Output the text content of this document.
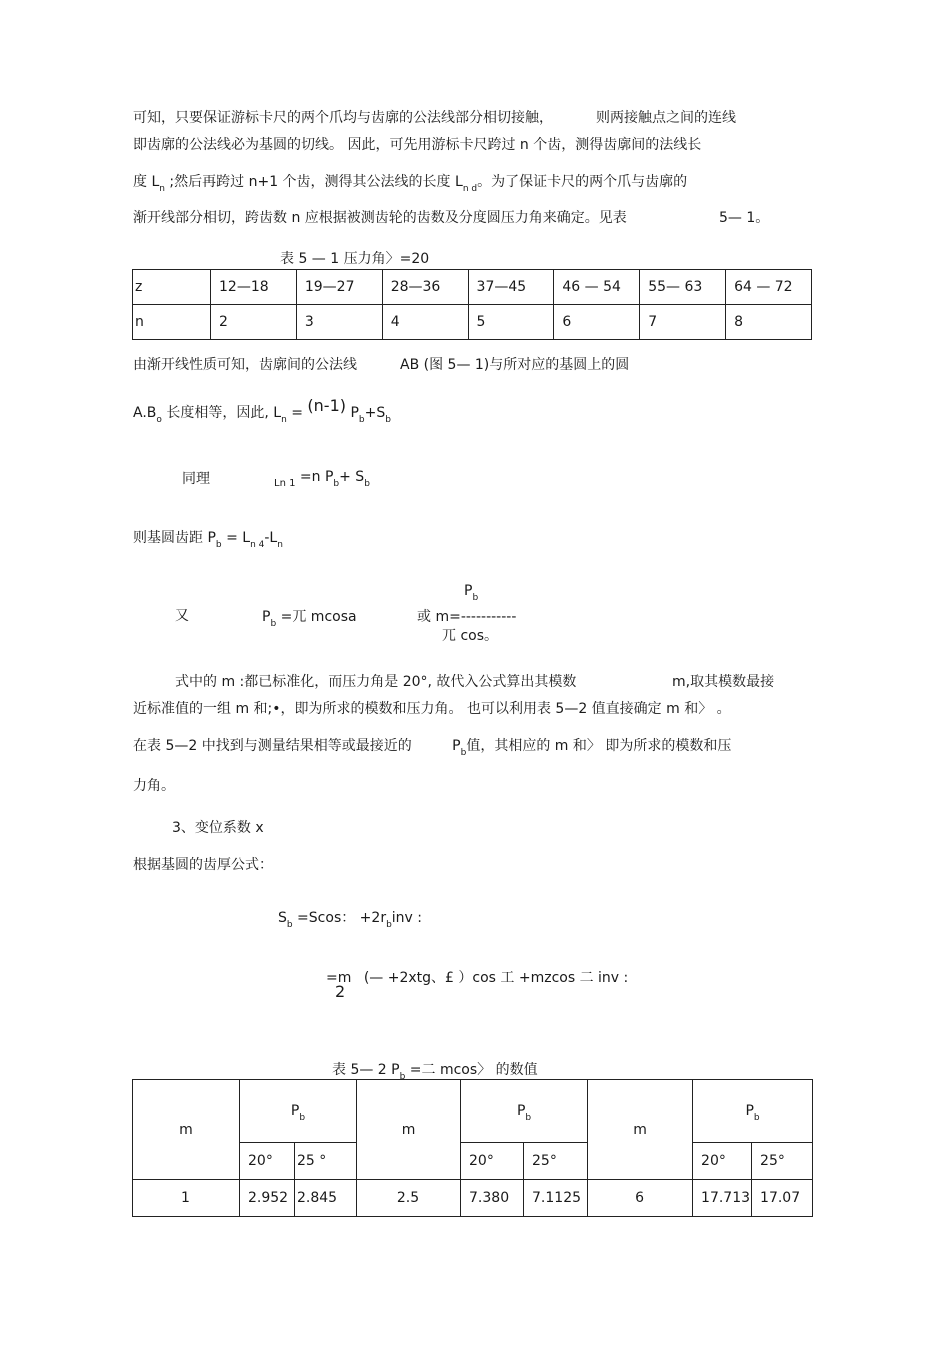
可知，只要保证游标卡尺的两个爪均与齿廓的公法线部分相切接触，	则两接触点之间的连线
即齿廓的公法线必为基圆的切线。 因此，可先用游标卡尺跨过 n 个齿，测得齿廓间的法线长
度 $L_n$ ;然后再跨过 n+1 个齿，测得其公法线的长度 $L_{n d}$。为了保证卡尺的两个爪与齿廓的
渐开线部分相切，跨齿数 n 应根据被测齿轮的齿数及分度圆压力角来确定。见表	5— 1。
表 5 — 1 压力角〉=20
z	12—18	19—27	28—36	37—45	46 — 54	55— 63	64 — 72
n	2	3	4	5	6	7	8
由渐开线性质可知，齿廓间的公法线	AB (图 5— 1)与所对应的基圆上的圆
$A.B_o$ 长度相等，因此, $L_n = (n-1)$ $P_b+S_b$
同理	$_{Ln 1}$ =n $P_b+ S_b$
则基圆齿距 $P_b = L_{n 4}-L_n$
又	$P_b$ =兀 mcosa
$P_b$
或 m=-----------
兀 cos。
式中的 m :都已标准化，而压力角是 20°, 故代入公式算出其模数	m,取其模数最接
近标准值的一组 m 和;•，即为所求的模数和压力角。 也可以利用表 5—2 值直接确定 m 和〉 。
在表 5—2 中找到与测量结果相等或最接近的	$P_b$值，其相应的 m 和〉 即为所求的模数和压
力角。
3、变位系数 x
根据基圆的齿厚公式：
$S_b =Scos$： $+2r_binv$ :
=m (— +2xtg、£ ）cos 工 +mzcos 二 inv :
2
表 5— 2 $P_b$ =二 mcos〉 的数值
m	$P_b$		m	$P_b$		m	$P_b$
	20°	25 °		20°	25°		20°	25°
1	2.952	2.845	2.5	7.380	7.1125	6	17.713	17.07
